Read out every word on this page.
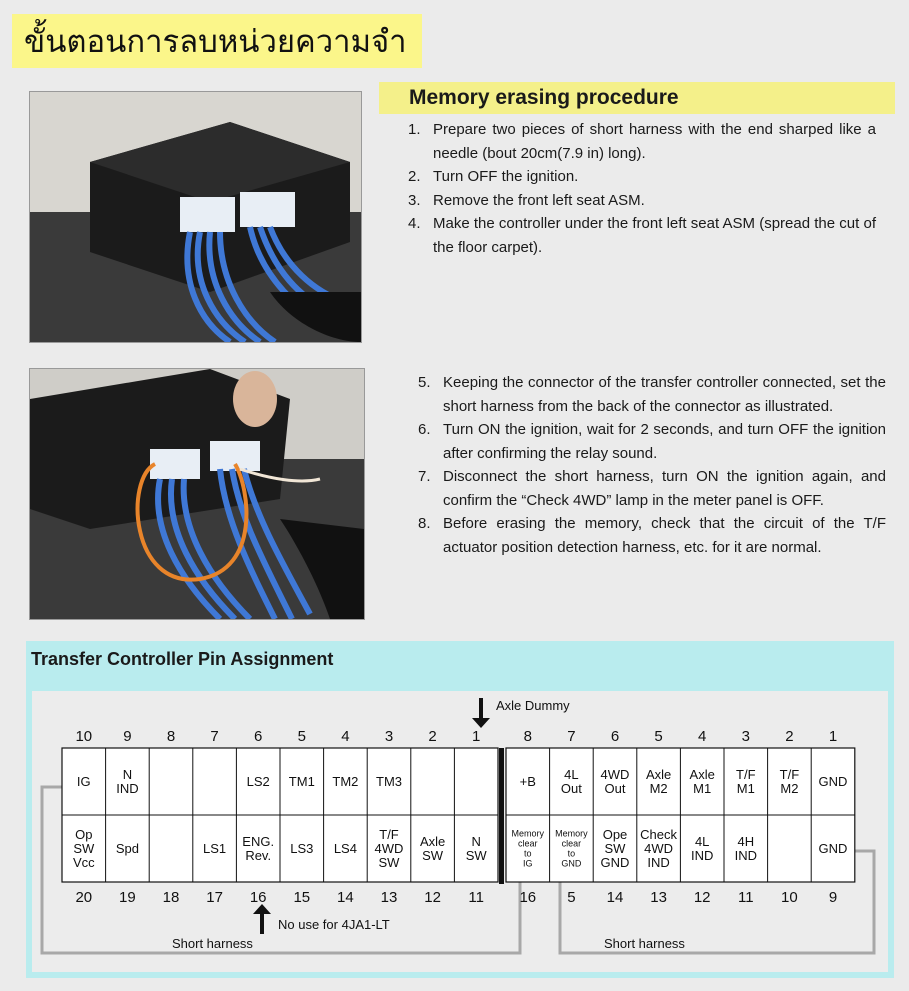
ขั้นตอนการลบหน่วยความจำ
Memory erasing procedure
1. Prepare two pieces of short harness with the end sharped like a needle (bout 20cm(7.9 in) long).
2. Turn OFF the ignition.
3. Remove the front left seat ASM.
4. Make the controller under the front left seat ASM (spread the cut of the floor carpet).
5. Keeping the connector of the transfer controller connected, set the short harness from the back of the connector as illustrated.
6. Turn ON the ignition, wait for 2 seconds, and turn OFF the ignition after confirming the relay sound.
7. Disconnect the short harness, turn ON the ignition again, and confirm the “Check 4WD” lamp in the meter panel is OFF.
8. Before erasing the memory, check that the circuit of the T/F actuator position detection harness, etc. for it are normal.
Transfer Controller Pin Assignment
10
20
IG
Op SW Vcc
9
19
N IND
Spd
8
18
7
17
LS1
6
16
LS2
ENG. Rev.
5
15
TM1
LS3
4
14
TM2
LS4
3
13
TM3
T/F 4WD SW
2
12
Axle SW
1
11
N SW
8
16
+B
Memory clear to IG
7
5
4L Out
Memory clear to GND
6
14
4WD Out
Ope SW GND
5
13
Axle M2
Check 4WD IND
4
12
Axle M1
4L IND
3
11
T/F M1
4H IND
2
10
T/F M2
1
9
GND
GND
Axle Dummy
No use for 4JA1-LT
Short harness	Short harness
